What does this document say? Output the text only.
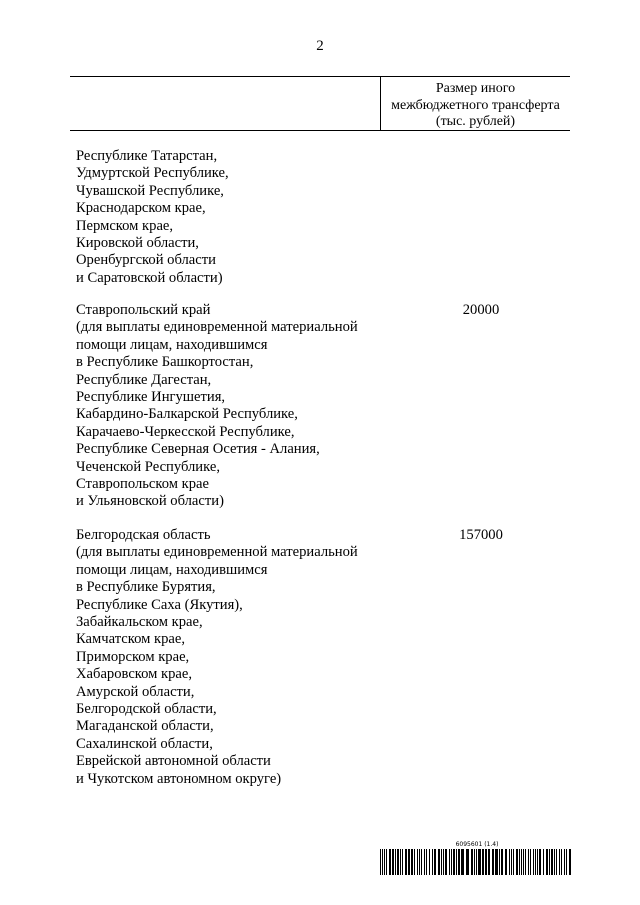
2
Размер иного
межбюджетного трансферта
(тыс. рублей)
Республике Татарстан,
Удмуртской Республике,
Чувашской Республике,
Краснодарском крае,
Пермском крае,
Кировской области,
Оренбургской области
и Саратовской области)
Ставропольский край
(для выплаты единовременной материальной
помощи лицам, находившимся
в Республике Башкортостан,
Республике Дагестан,
Республике Ингушетия,
Кабардино-Балкарской Республике,
Карачаево-Черкесской Республике,
Республике Северная Осетия - Алания,
Чеченской Республике,
Ставропольском крае
и Ульяновской области)
20000
Белгородская область
(для выплаты единовременной материальной
помощи лицам, находившимся
в Республике Бурятия,
Республике Саха (Якутия),
Забайкальском крае,
Камчатском крае,
Приморском крае,
Хабаровском крае,
Амурской области,
Белгородской области,
Магаданской области,
Сахалинской области,
Еврейской автономной области
и Чукотском автономном округе)
157000
6095601 (1.4)
